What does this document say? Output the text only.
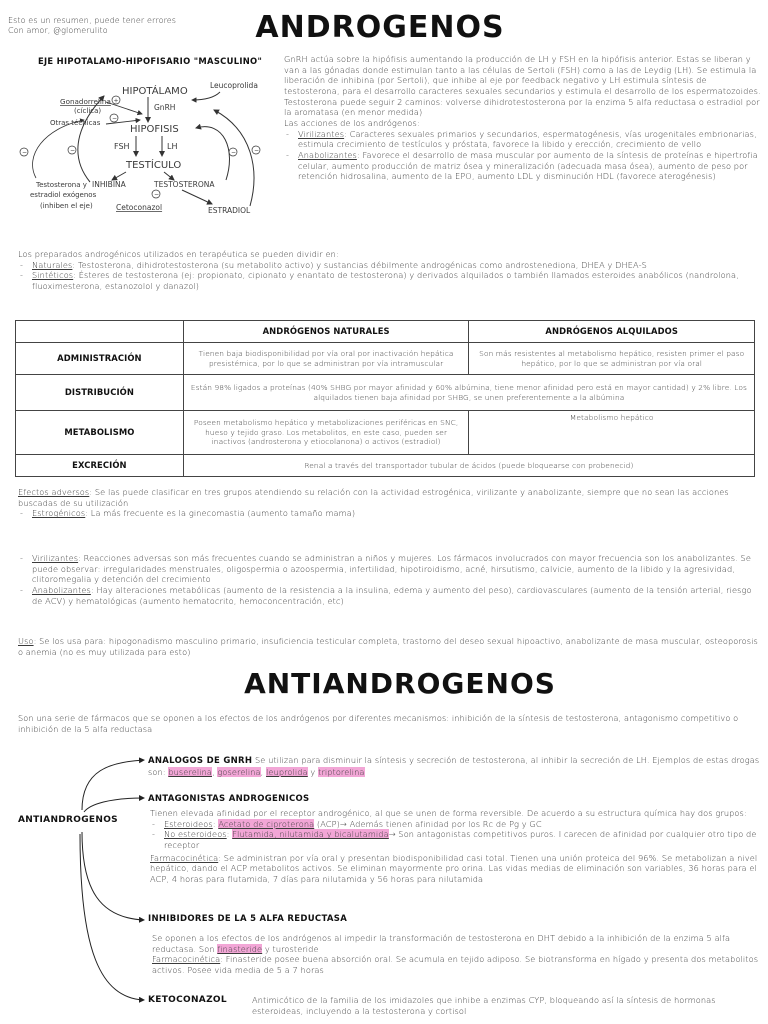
Esto es un resumen, puede tener errores
Con amor, @glomerulito	ANDROGENOS
EJE HIPOTALAMO-HIPOFISARIO "MASCULINO"
HIPOTÁLAMO
Leucoprolida
Gonadorrelina
(cíclica)
Otras técnicas
+
−
GnRH
HIPOFISIS
FSH	LH
TESTÍCULO
INHIBINA	TESTOSTERONA
−
Testosterona y
estradiol exógenos
(inhiben el eje)
−
−
Cetoconazol	ESTRADIOL
−	−

GnRH actúa sobre la hipófisis aumentando la producción de LH y FSH en la hipófisis anterior. Estas se liberan y van a las gónadas donde estimulan tanto a las células de Sertoli (FSH) como a las de Leydig (LH). Se estimula la liberación de inhibina (por Sertoli), que inhibe al eje por feedback negativo y LH estimula síntesis de testosterona, para el desarrollo caracteres sexuales secundarios y estimula el desarrollo de los espermatozoides.

Testosterona puede seguir 2 caminos: volverse dihidrotestosterona por la enzima 5 alfa reductasa o estradiol por la aromatasa (en menor medida)

Las acciones de los andrógenos:

- Virilizantes: Caracteres sexuales primarios y secundarios, espermatogénesis, vías urogenitales embrionarias, estimula crecimiento de testículos y próstata, favorece la libido y erección, crecimiento de vello
- Anabolizantes: Favorece el desarrollo de masa muscular por aumento de la síntesis de proteínas e hipertrofia celular, aumento producción de matriz ósea y mineralización (adecuada masa ósea), aumento de peso por retención hidrosalina, aumento de la EPO, aumento LDL y disminución HDL (favorece aterogénesis)

Los preparados androgénicos utilizados en terapéutica se pueden dividir en:

- Naturales: Testosterona, dihidrotestosterona (su metabolito activo) y sustancias débilmente androgénicas como androstenediona, DHEA y DHEA-S
- Sintéticos: Ésteres de testosterona (ej: propionato, cipionato y enantato de testosterona) y derivados alquilados o también llamados esteroides anabólicos (nandrolona, fluoximesterona, estanozolol y danazol)
	ANDRÓGENOS NATURALES	ANDRÓGENOS ALQUILADOS
ADMINISTRACIÓN	Tienen baja biodisponibilidad por vía oral por inactivación hepática presistémica, por lo que se administran por vía intramuscular	Son más resistentes al metabolismo hepático, resisten primer el paso hepático, por lo que se administran por vía oral
DISTRIBUCIÓN	Están 98% ligados a proteínas (40% SHBG por mayor afinidad y 60% albúmina, tiene menor afinidad pero está en mayor cantidad) y 2% libre. Los alquilados tienen baja afinidad por SHBG, se unen preferentemente a la albúmina	
METABOLISMO	Poseen metabolismo hepático y metabolizaciones periféricas en SNC, hueso y tejido graso. Los metabolitos, en este caso, pueden ser inactivos (androsterona y etiocolanona) o activos (estradiol)	Metabolismo hepático
EXCRECIÓN	Renal a través del transportador tubular de ácidos (puede bloquearse con probenecid)	

Efectos adversos: Se las puede clasificar en tres grupos atendiendo su relación con la actividad estrogénica, virilizante y anabolizante, siempre que no sean las acciones buscadas de su utilización

- Estrogénicos: La más frecuente es la ginecomastia (aumento tamaño mama)
- Virilizantes: Reacciones adversas son más frecuentes cuando se administran a niños y mujeres. Los fármacos involucrados con mayor frecuencia son los anabolizantes. Se puede observar: irregularidades menstruales, oligospermia o azoospermia, infertilidad, hipotiroidismo, acné, hirsutismo, calvicie, aumento de la libido y la agresividad, clitoromegalia y detención del crecimiento
- Anabolizantes: Hay alteraciones metabólicas (aumento de la resistencia a la insulina, edema y aumento del peso), cardiovasculares (aumento de la tensión arterial, riesgo de ACV) y hematológicas (aumento hematocrito, hemoconcentración, etc)

Uso: Se los usa para: hipogonadismo masculino primario, insuficiencia testicular completa, trastorno del deseo sexual hipoactivo, anabolizante de masa muscular, osteoporosis o anemia (no es muy utilizada para esto)

ANTIANDROGENOS
Son una serie de fármacos que se oponen a los efectos de los andrógenos por diferentes mecanismos: inhibición de la síntesis de testosterona, antagonismo competitivo o inhibición de la 5 alfa reductasa
ANTIANDROGENOS

ANALOGOS DE GNRH Se utilizan para disminuir la síntesis y secreción de testosterona, al inhibir la secreción de LH. Ejemplos de estas drogas son: buserelina, goserelina, leuprolida y triptorelina

ANTAGONISTAS ANDROGENICOS

Tienen elevada afinidad por el receptor androgénico, al que se unen de forma reversible. De acuerdo a su estructura química hay dos grupos:

- Esteroideos: Acetato de ciproterona (ACP)→ Además tienen afinidad por los Rc de Pg y GC
- No esteroideos: Flutamida, nilutamida y bicalutamida→ Son antagonistas competitivos puros. Ι carecen de afinidad por cualquier otro tipo de receptor

Farmacocinética: Se administran por vía oral y presentan biodisponibilidad casi total. Tienen una unión proteica del 96%. Se metabolizan a nivel hepático, dando el ACP metabolitos activos. Se eliminan mayormente pro orina. Las vidas medias de eliminación son variables, 36 horas para el ACP, 4 horas para flutamida, 7 días para nilutamida y 56 horas para nilutamida

INHIBIDORES DE LA 5 ALFA REDUCTASA

Se oponen a los efectos de los andrógenos al impedir la transformación de testosterona en DHT debido a la inhibición de la enzima 5 alfa reductasa. Son finasteride y turosteride

Farmacocinética: Finasteride posee buena absorción oral. Se acumula en tejido adiposo. Se biotransforma en hígado y presenta dos metabolitos activos. Posee vida media de 5 a 7 horas

KETOCONAZOL	Antimicótico de la familia de los imidazoles que inhibe a enzimas CYP, bloqueando así la síntesis de hormonas esteroideas, incluyendo a la testosterona y cortisol
